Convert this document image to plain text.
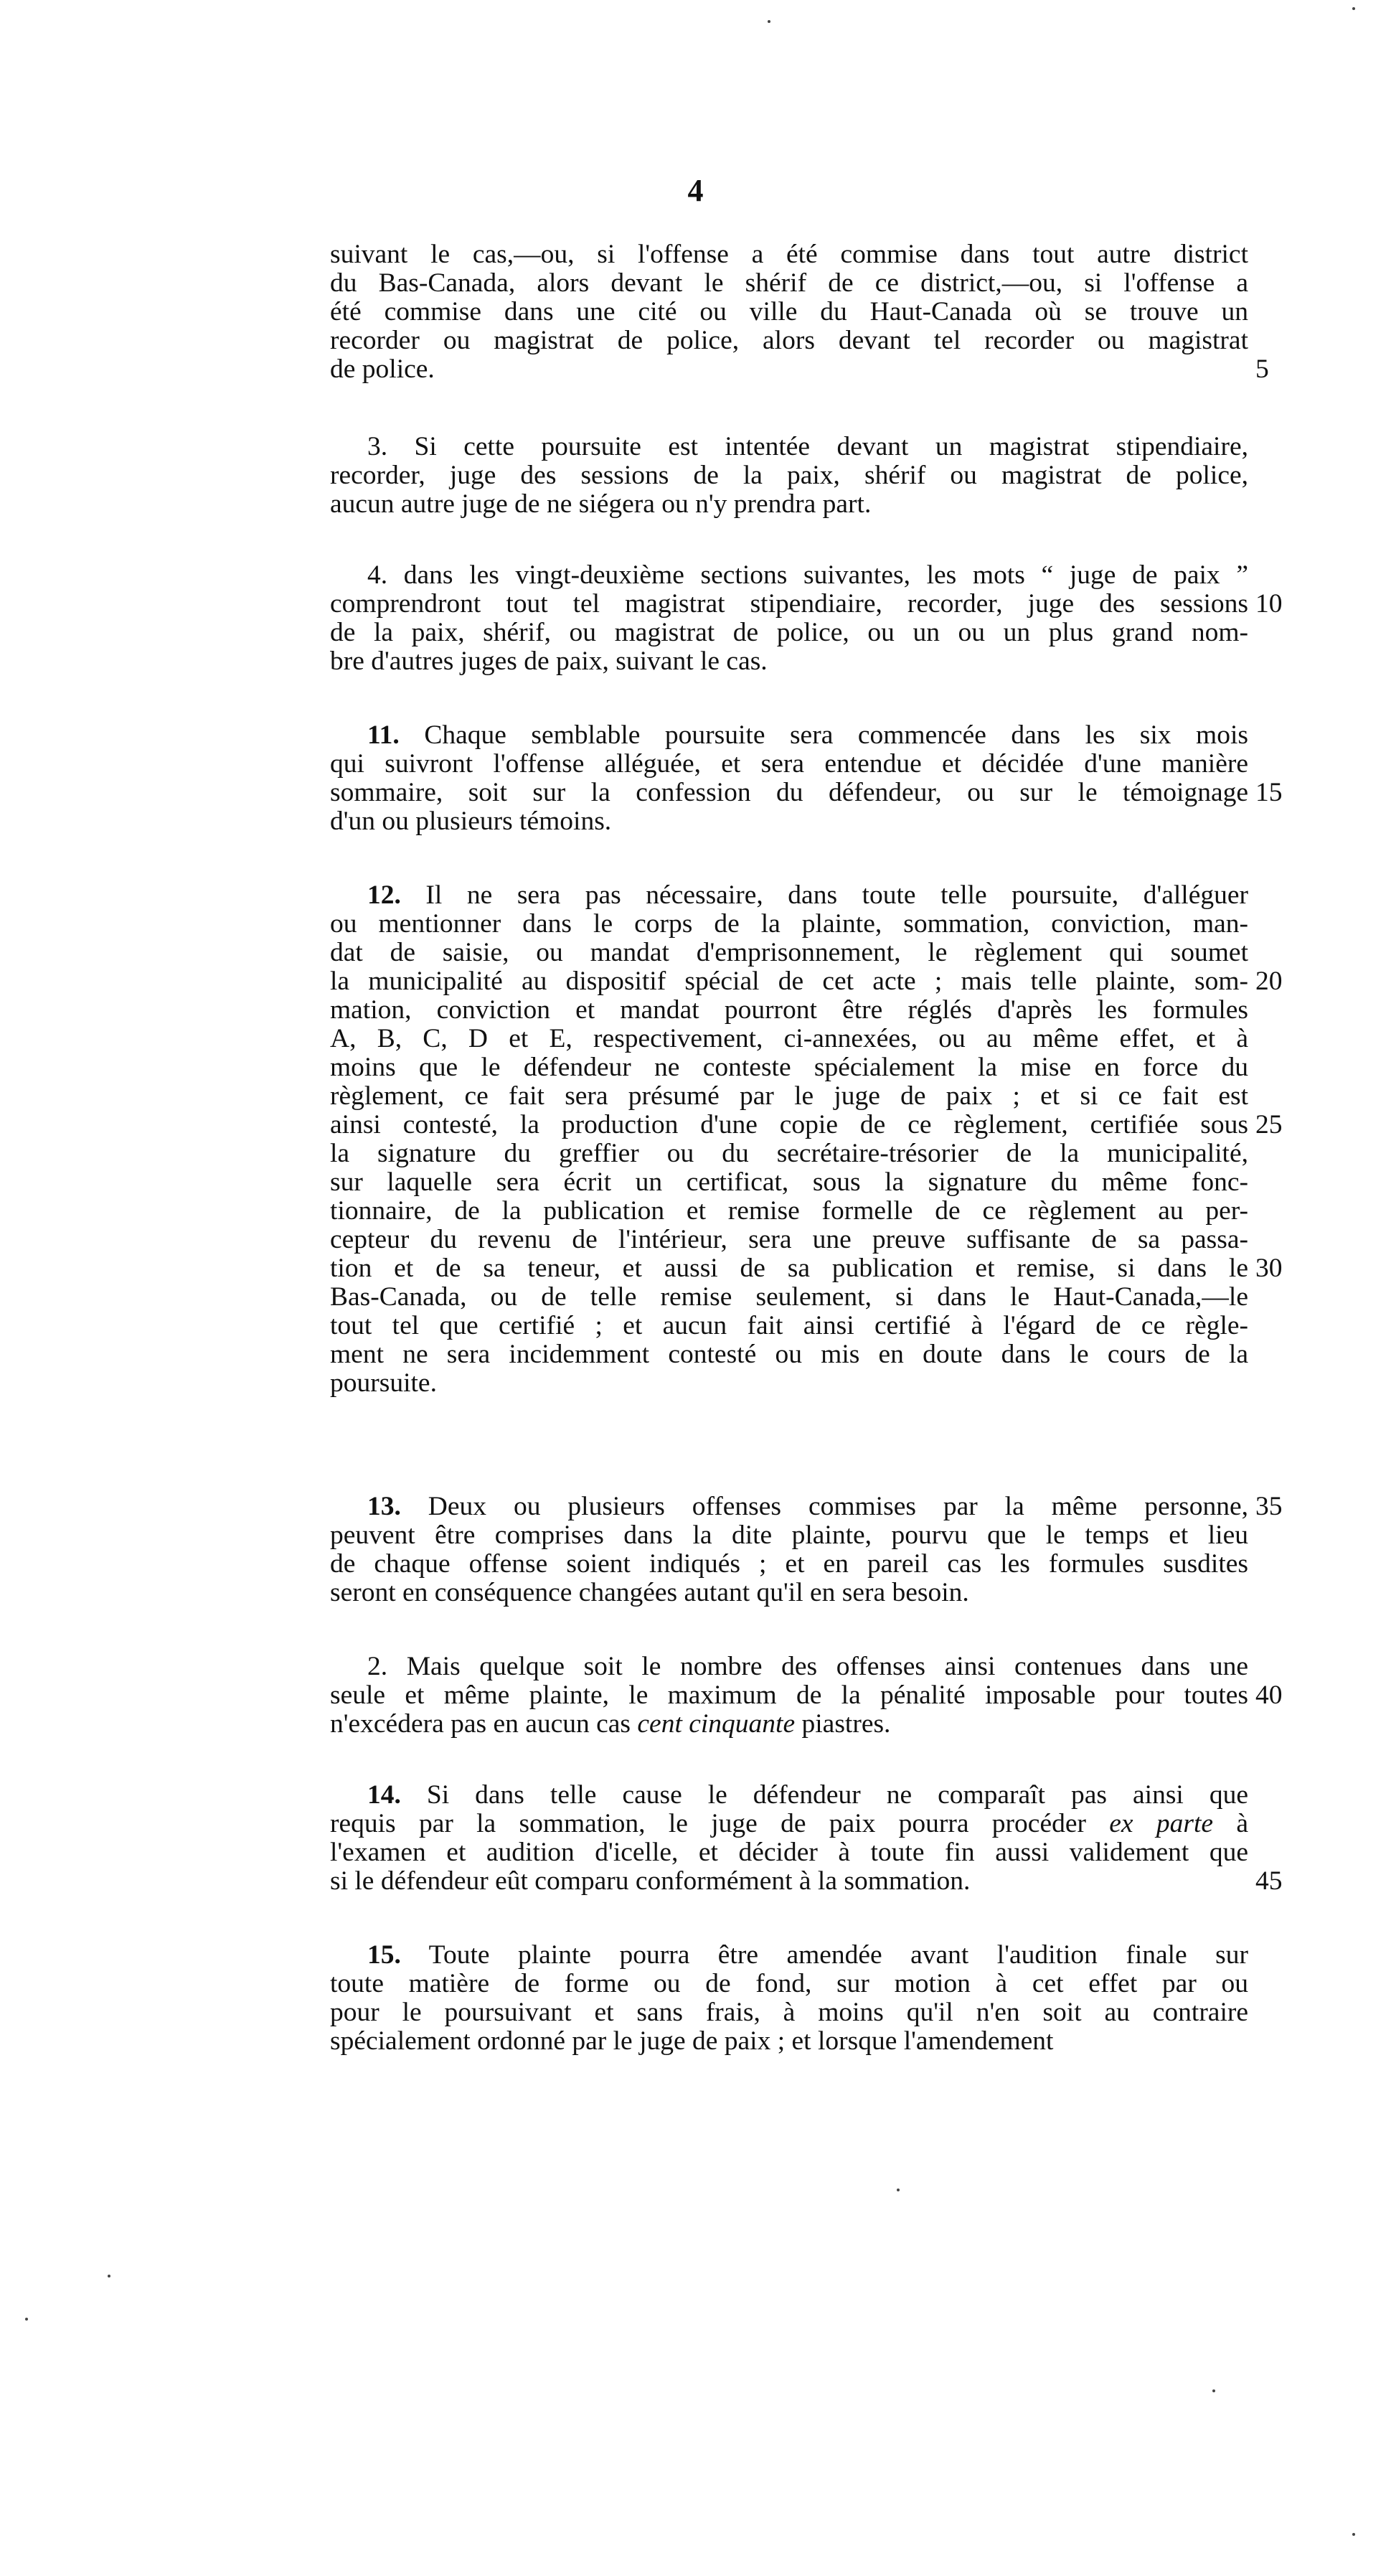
4
suivant le cas,—ou, si l'offense a été commise dans tout autre district
du Bas-Canada, alors devant le shérif de ce district,—ou, si l'offense a
été commise dans une cité ou ville du Haut-Canada où se trouve un
recorder ou magistrat de police, alors devant tel recorder ou magistrat
de police.	5
3. Si cette poursuite est intentée devant un magistrat stipendiaire,
recorder, juge des sessions de la paix, shérif ou magistrat de police,
aucun autre juge de ne siégera ou n'y prendra part.
4. dans les vingt-deuxième sections suivantes, les mots “ juge de paix ”
comprendront tout tel magistrat stipendiaire, recorder, juge des sessions 10
de la paix, shérif, ou magistrat de police, ou un ou un plus grand nom-
bre d'autres juges de paix, suivant le cas.
11. Chaque semblable poursuite sera commencée dans les six mois
qui suivront l'offense alléguée, et sera entendue et décidée d'une manière
sommaire, soit sur la confession du défendeur, ou sur le témoignage 15
d'un ou plusieurs témoins.
12. Il ne sera pas nécessaire, dans toute telle poursuite, d'alléguer
ou mentionner dans le corps de la plainte, sommation, conviction, man-
dat de saisie, ou mandat d'emprisonnement, le règlement qui soumet
la municipalité au dispositif spécial de cet acte ; mais telle plainte, som- 20
mation, conviction et mandat pourront être réglés d'après les formules
A, B, C, D et E, respectivement, ci-annexées, ou au même effet, et à
moins que le défendeur ne conteste spécialement la mise en force du
règlement, ce fait sera présumé par le juge de paix ; et si ce fait est
ainsi contesté, la production d'une copie de ce règlement, certifiée sous 25
la signature du greffier ou du secrétaire-trésorier de la municipalité,
sur laquelle sera écrit un certificat, sous la signature du même fonc-
tionnaire, de la publication et remise formelle de ce règlement au per-
cepteur du revenu de l'intérieur, sera une preuve suffisante de sa passa-
tion et de sa teneur, et aussi de sa publication et remise, si dans le 30
Bas-Canada, ou de telle remise seulement, si dans le Haut-Canada,—le
tout tel que certifié ; et aucun fait ainsi certifié à l'égard de ce règle-
ment ne sera incidemment contesté ou mis en doute dans le cours de la
poursuite.
13. Deux ou plusieurs offenses commises par la même personne, 35
peuvent être comprises dans la dite plainte, pourvu que le temps et lieu
de chaque offense soient indiqués ; et en pareil cas les formules susdites
seront en conséquence changées autant qu'il en sera besoin.
2. Mais quelque soit le nombre des offenses ainsi contenues dans une
seule et même plainte, le maximum de la pénalité imposable pour toutes 40
n'excédera pas en aucun cas cent cinquante piastres.
14. Si dans telle cause le défendeur ne comparaît pas ainsi que
requis par la sommation, le juge de paix pourra procéder ex parte à
l'examen et audition d'icelle, et décider à toute fin aussi validement que
si le défendeur eût comparu conformément à la sommation.	45
15. Toute plainte pourra être amendée avant l'audition finale sur
toute matière de forme ou de fond, sur motion à cet effet par ou
pour le poursuivant et sans frais, à moins qu'il n'en soit au contraire
spécialement ordonné par le juge de paix ; et lorsque l'amendement
